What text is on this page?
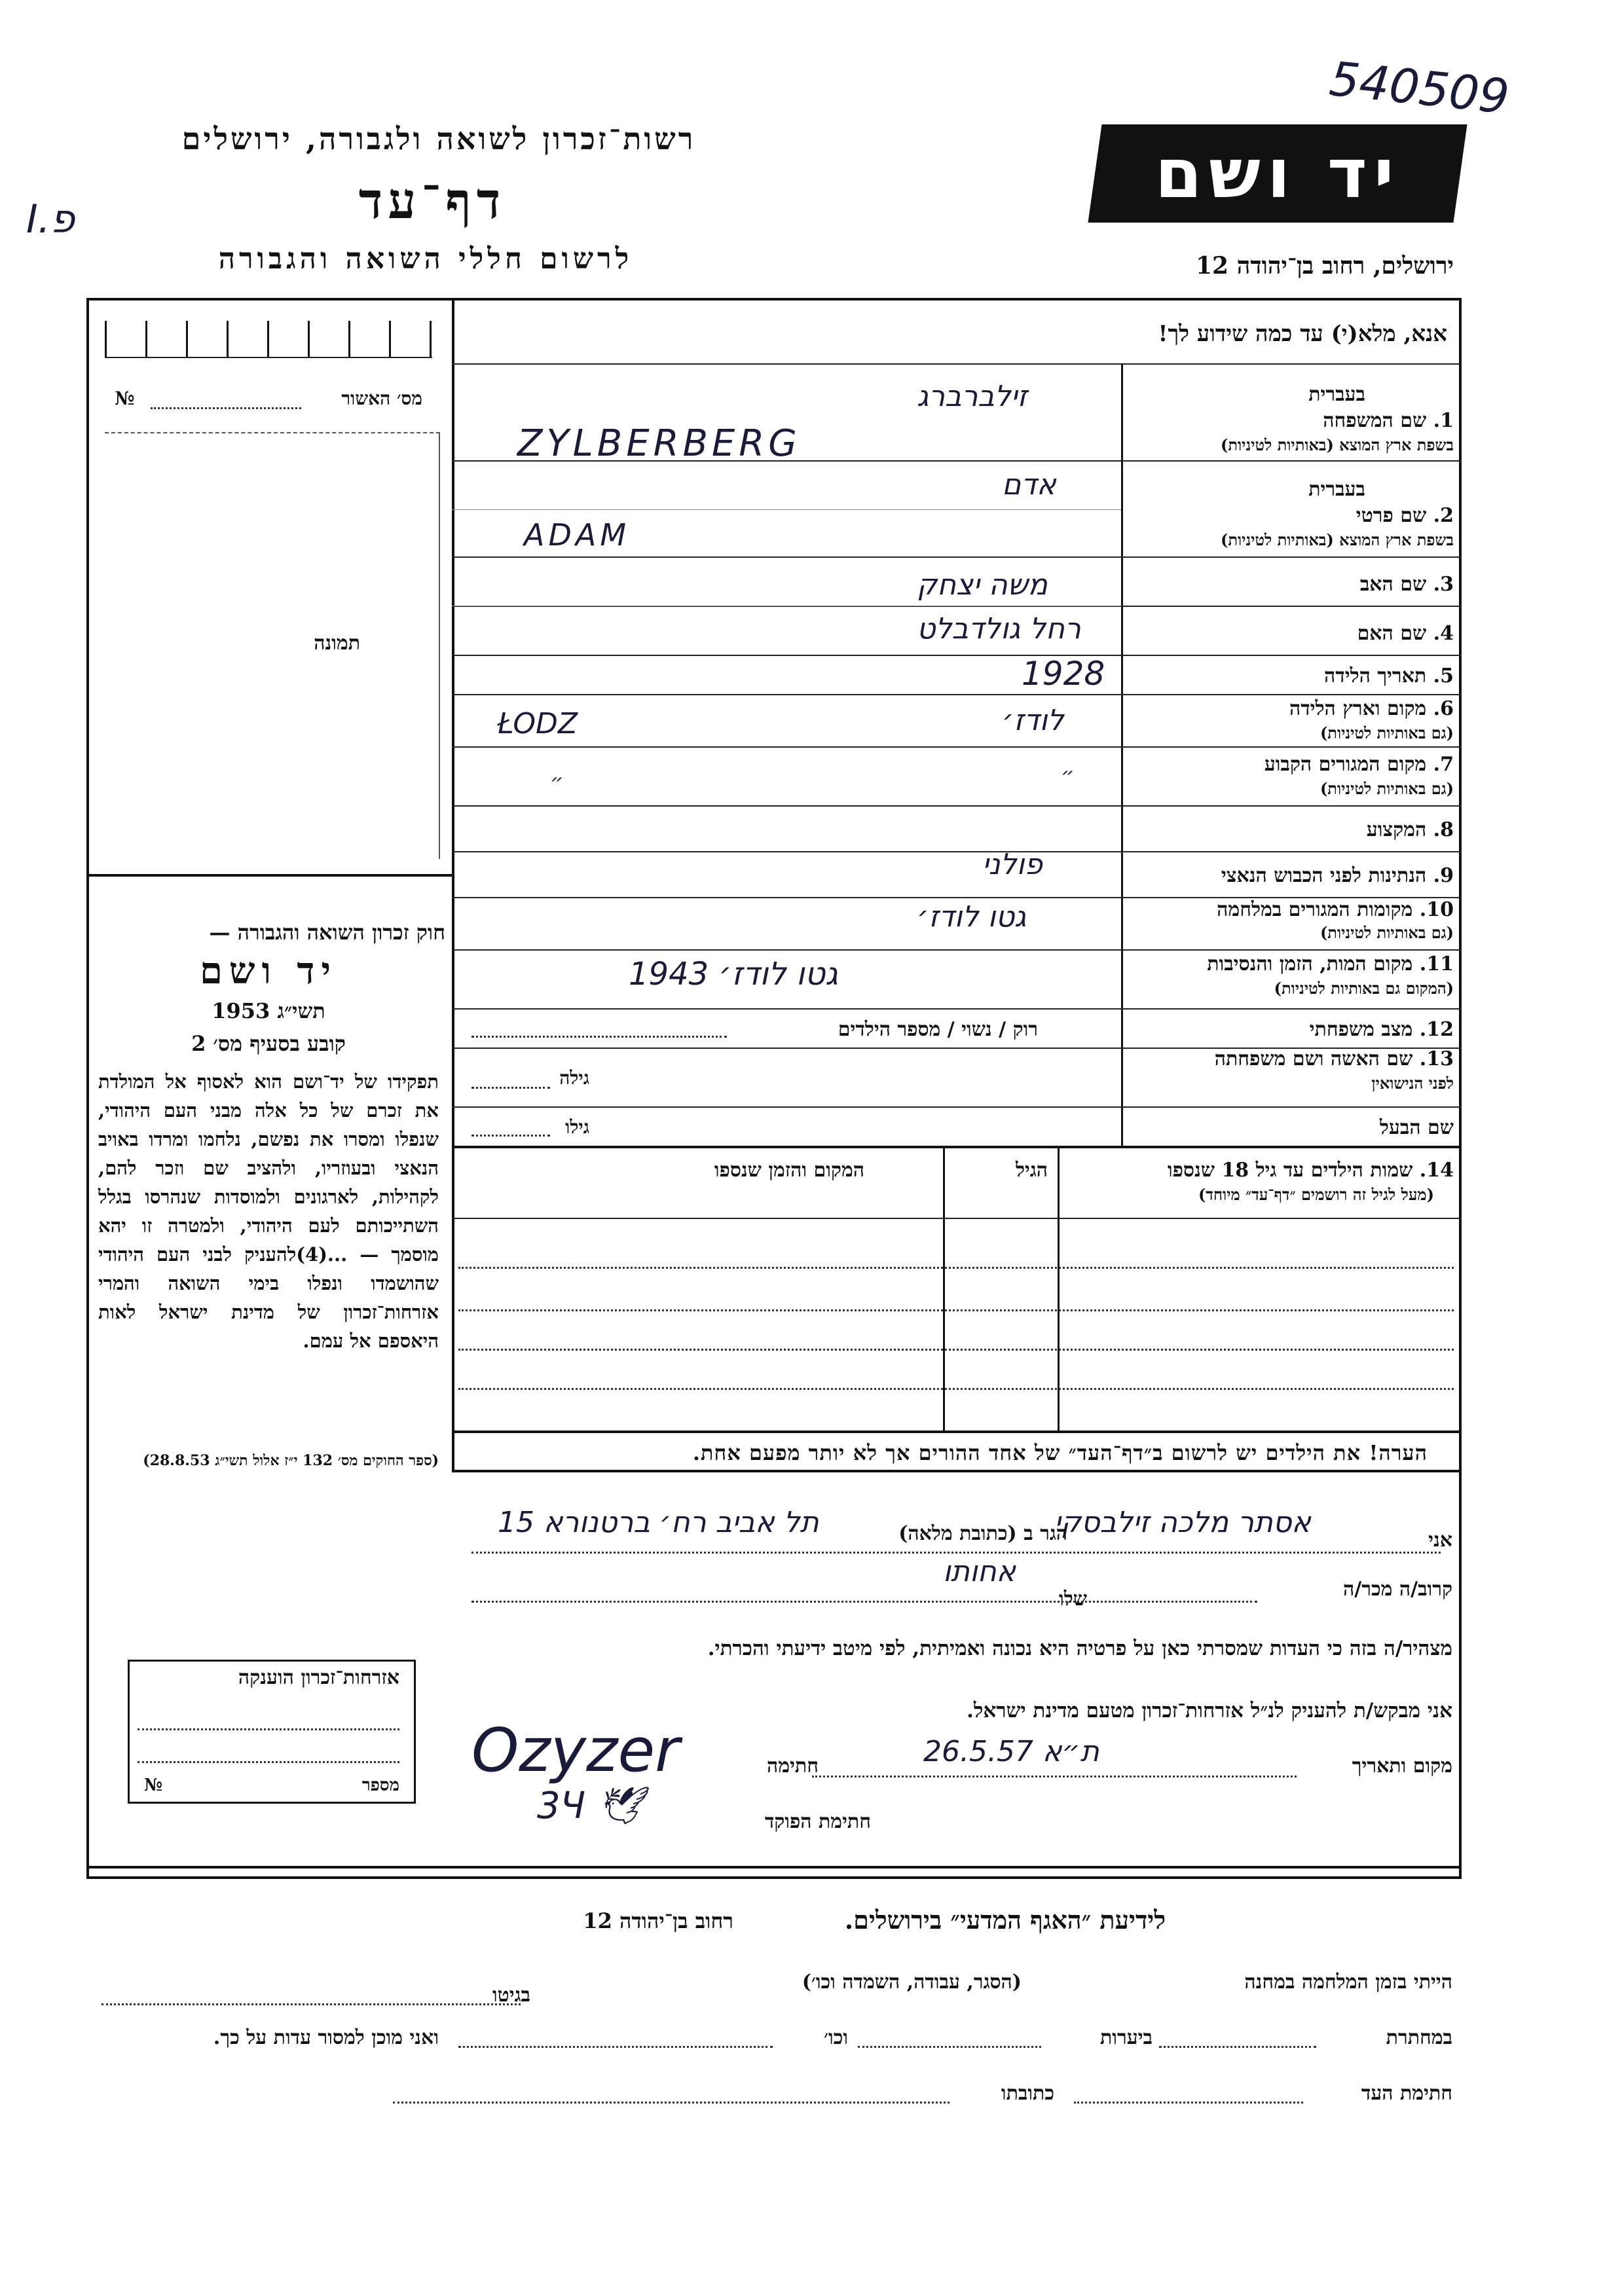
540509
I.פ
רשות־זכרון לשואה ולגבורה, ירושלים
דף־עד
לרשום חללי השואה והגבורה
יד ושם
ירושלים, רחוב בן־יהודה 12
אנא, מלא(י) עד כמה שידוע לך!
№	מס׳ האשור
תמונה
חוק זכרון השואה והגבורה —
יד ושם
תשי״ג 1953
קובע בסעיף מס׳ 2
תפקידו של יד־ושם הוא לאסוף אל המולדת את זכרם של כל אלה מבני העם היהודי, שנפלו ומסרו את נפשם, נלחמו ומרדו באויב הנאצי ובעוזריו, ולהציב שם וזכר להם, לקהילות, לארגונים ולמוסדות שנהרסו בגלל השתייכותם לעם היהודי, ולמטרה זו יהא מוסמך — ...(4)להעניק לבני העם היהודי שהושמדו ונפלו בימי השואה והמרי אזרחות־זכרון של מדינת ישראל לאות היאספם אל עמם.
(ספר החוקים מס׳ 132 י״ז אלול תשי״ג 28.8.53)
אזרחות־זכרון הוענקה
№	מספר
בעברית
1. שם המשפחה
בשפת ארץ המוצא (באותיות לטיניות)
זילברברג
ZYLBERBERG
בעברית
2. שם פרטי
בשפת ארץ המוצא (באותיות לטיניות)
אדם
ADAM
3. שם האב
משה יצחק
4. שם האם
רחל גולדבלט
5. תאריך הלידה
1928
6. מקום וארץ הלידה
(גם באותיות לטיניות)
לודז׳
ŁODZ
7. מקום המגורים הקבוע
(גם באותיות לטיניות)
״
״
8. המקצוע
9. הנתינות לפני הכבוש הנאצי
פולני
10. מקומות המגורים במלחמה
(גם באותיות לטיניות)
גטו לודז׳
11. מקום המות, הזמן והנסיבות
(המקום גם באותיות לטיניות)
גטו לודז׳ 1943
12. מצב משפחתי
רוק / נשוי / מספר הילדים
13. שם האשה ושם משפחתה
לפני הנישואין
גילה
שם הבעל
גילו
14. שמות הילדים עד גיל 18 שנספו
(מעל לגיל זה רושמים ״דף־עד״ מיוחד)
הגיל
המקום והזמן שנספו
הערה! את הילדים יש לרשום ב״דף־העד״ של אחד ההורים אך לא יותר מפעם אחת.
אני
אסתר מלכה זילבסקי
הגר ב (כתובת מלאה)
תל אביב רח׳ ברטנורא 15
קרוב/ה מכר/ה
שלו
אחותו
מצהיר/ה בזה כי העדות שמסרתי כאן על פרטיה היא נכונה ואמיתית, לפי מיטב ידיעתי והכרתי.
אני מבקש/ת להעניק לנ״ל אזרחות־זכרון מטעם מדינת ישראל.
מקום ותאריך
ת״א 26.5.57
חתימה
Ozyzer
חתימת הפוקד
3Ч 🕊
לידיעת ״האגף המדעי״ בירושלים.
רחוב בן־יהודה 12
הייתי בזמן המלחמה במחנה
(הסגר, עבודה, השמדה וכו׳)
בגיטו
במחתרת
ביערות
וכו׳
ואני מוכן למסור עדות על כך.
חתימת העד
כתובתו
